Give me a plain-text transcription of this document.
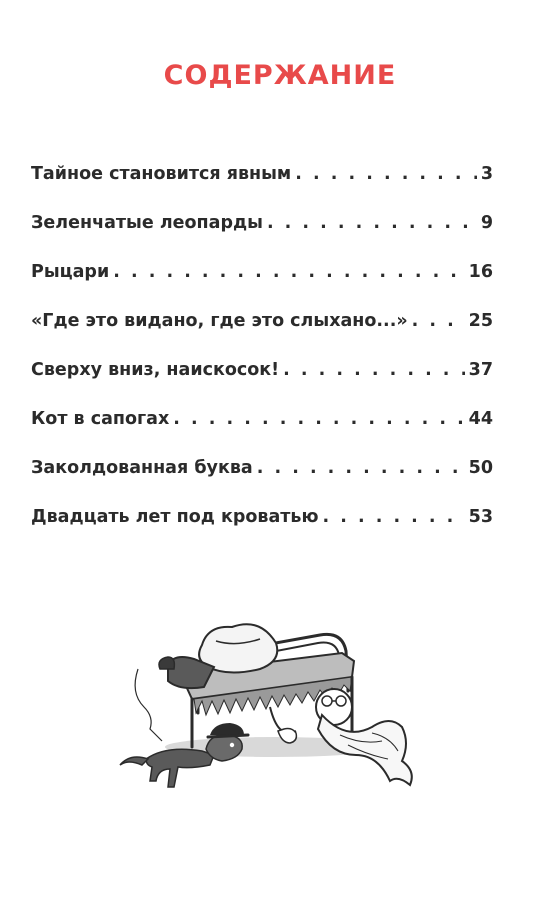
СОДЕРЖАНИЕ
Тайное становится явным . . .	3
Зеленчатые леопарды . . .	9
Рыцари . . .	16
«Где это видано, где это слыхано...» . . .	25
Сверху вниз, наискосок! . . .	37
Кот в сапогах . . .	44
Заколдованная буква . . .	50
Двадцать лет под кроватью . . .	53
